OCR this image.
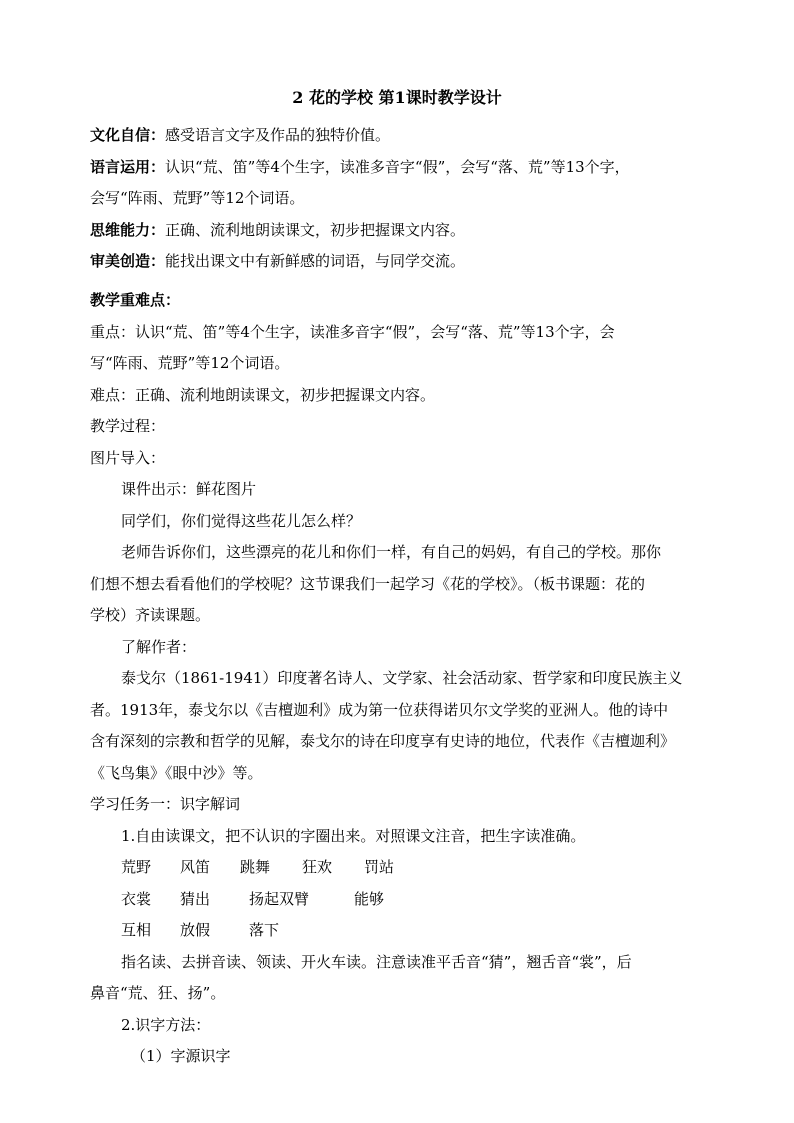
2 花的学校 第1课时教学设计
文化自信：感受语言文字及作品的独特价值。
语言运用：认识“荒、笛”等4个生字，读准多音字“假”，会写“落、荒”等13个字，
会写“阵雨、荒野”等12个词语。
思维能力：正确、流利地朗读课文，初步把握课文内容。
审美创造：能找出课文中有新鲜感的词语，与同学交流。
教学重难点：
重点：认识“荒、笛”等4个生字，读准多音字“假”，会写“落、荒”等13个字，会
写“阵雨、荒野”等12个词语。
难点：正确、流利地朗读课文，初步把握课文内容。
教学过程：
图片导入：
课件出示：鲜花图片
同学们，你们觉得这些花儿怎么样？
老师告诉你们，这些漂亮的花儿和你们一样，有自己的妈妈，有自己的学校。那你
们想不想去看看他们的学校呢？这节课我们一起学习《花的学校》。（板书课题：花的
学校）齐读课题。
了解作者：
泰戈尔（1861-1941）印度著名诗人、文学家、社会活动家、哲学家和印度民族主义
者。1913年，泰戈尔以《吉檀迦利》成为第一位获得诺贝尔文学奖的亚洲人。他的诗中
含有深刻的宗教和哲学的见解，泰戈尔的诗在印度享有史诗的地位，代表作《吉檀迦利》
《飞鸟集》《眼中沙》等。
学习任务一：识字解词
1.自由读课文，把不认识的字圈出来。对照课文注音，把生字读准确。
荒野 风笛 跳舞 狂欢 罚站
衣裳 猜出	扬起双臂	能够
互相 放假	落下
指名读、去拼音读、领读、开火车读。注意读准平舌音“猜”，翘舌音“裳”，后
鼻音“荒、狂、扬”。
2.识字方法：
（1）字源识字
